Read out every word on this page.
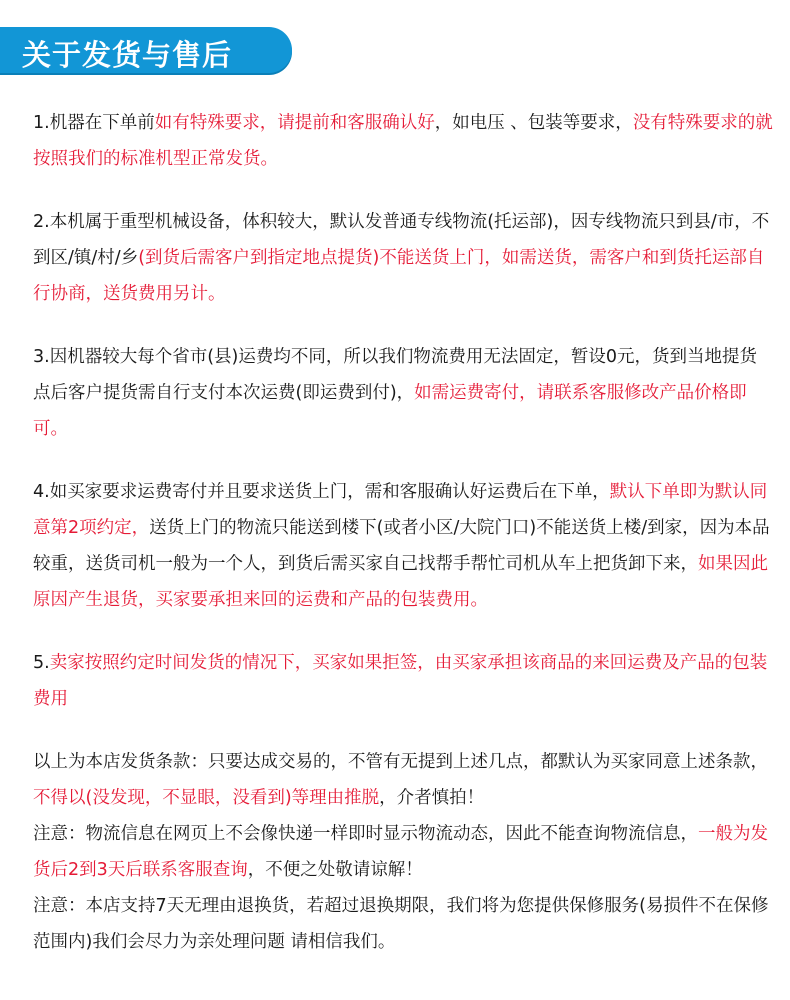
关于发货与售后

1.机器在下单前如有特殊要求，请提前和客服确认好，如电压 、包装等要求，没有特殊要求的就按照我们的标准机型正常发货。

2.本机属于重型机械设备，体积较大，默认发普通专线物流(托运部)，因专线物流只到县/市，不到区/镇/村/乡(到货后需客户到指定地点提货)不能送货上门，如需送货，需客户和到货托运部自行协商，送货费用另计。

3.因机器较大每个省市(县)运费均不同，所以我们物流费用无法固定，暂设0元，货到当地提货点后客户提货需自行支付本次运费(即运费到付)，如需运费寄付，请联系客服修改产品价格即可。

4.如买家要求运费寄付并且要求送货上门，需和客服确认好运费后在下单，默认下单即为默认同意第2项约定，送货上门的物流只能送到楼下(或者小区/大院门口)不能送货上楼/到家，因为本品较重，送货司机一般为一个人，到货后需买家自己找帮手帮忙司机从车上把货卸下来，如果因此原因产生退货，买家要承担来回的运费和产品的包装费用。

5.卖家按照约定时间发货的情况下，买家如果拒签，由买家承担该商品的来回运费及产品的包装费用

以上为本店发货条款：只要达成交易的，不管有无提到上述几点，都默认为买家同意上述条款，不得以(没发现，不显眼，没看到)等理由推脱，介者慎拍！
注意：物流信息在网页上不会像快递一样即时显示物流动态，因此不能查询物流信息，一般为发货后2到3天后联系客服查询，不便之处敬请谅解！
注意：本店支持7天无理由退换货，若超过退换期限，我们将为您提供保修服务(易损件不在保修范围内)我们会尽力为亲处理问题 请相信我们。
